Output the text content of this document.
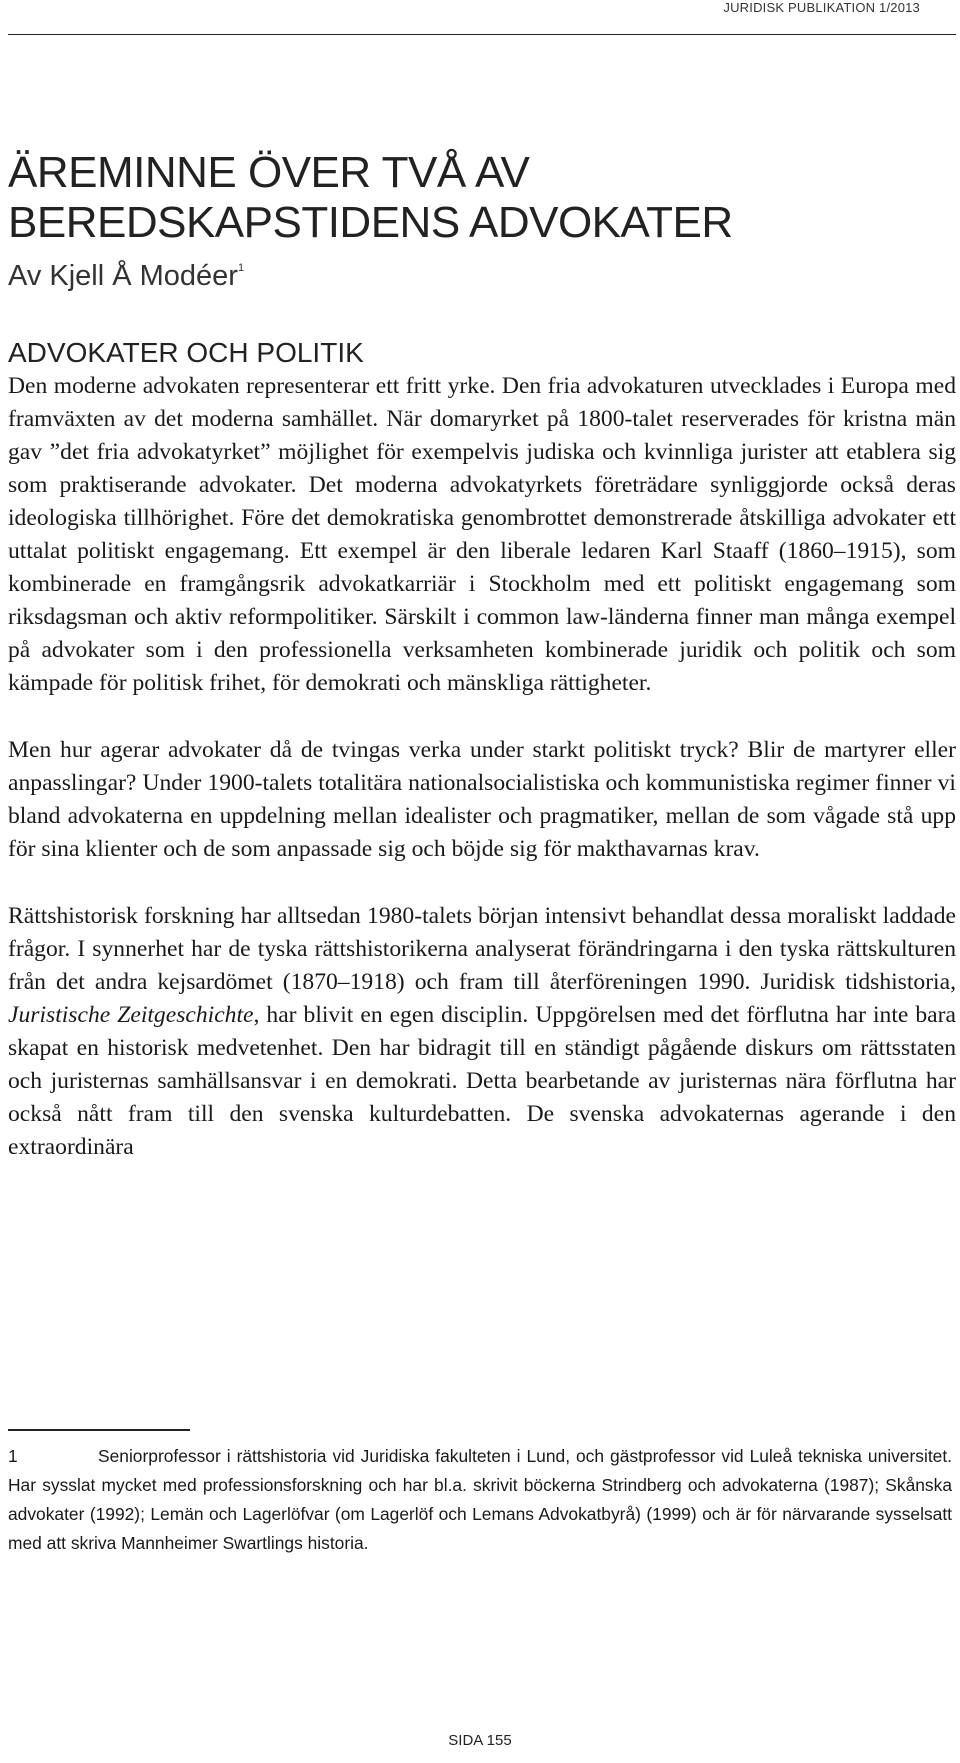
JURIDISK PUBLIKATION 1/2013
ÄREMINNE ÖVER TVÅ AV BEREDSKAPSTIDENS ADVOKATER
Av Kjell Å Modéer$^1$
ADVOKATER OCH POLITIK

Den moderne advokaten representerar ett fritt yrke. Den fria advokaturen utvecklades i Europa med framväxten av det moderna samhället. När domaryrket på 1800-talet reserverades för kristna män gav ”det fria advokatyrket” möjlighet för exempelvis judiska och kvinnliga jurister att etablera sig som praktiserande advokater. Det moderna advokatyrkets företrädare synliggjorde också deras ideologiska tillhörighet. Före det demokratiska genombrottet demonstrerade åtskilliga advokater ett uttalat politiskt engagemang. Ett exempel är den liberale ledaren Karl Staaff (1860–1915), som kombinerade en framgångsrik advokatkarriär i Stockholm med ett politiskt engagemang som riksdagsman och aktiv reformpolitiker. Särskilt i common law-länderna finner man många exempel på advokater som i den professionella verksamheten kombinerade juridik och politik och som kämpade för politisk frihet, för demokrati och mänskliga rättigheter.

Men hur agerar advokater då de tvingas verka under starkt politiskt tryck? Blir de martyrer eller anpasslingar? Under 1900-talets totalitära nationalsocialistiska och kommunistiska regimer finner vi bland advokaterna en uppdelning mellan idealister och pragmatiker, mellan de som vågade stå upp för sina klienter och de som anpassade sig och böjde sig för makthavarnas krav.

Rättshistorisk forskning har alltsedan 1980-talets början intensivt behandlat dessa moraliskt laddade frågor. I synnerhet har de tyska rättshistorikerna analyserat förändringarna i den tyska rättskulturen från det andra kejsardömet (1870–1918) och fram till återföreningen 1990. Juridisk tidshistoria, Juristische Zeitgeschichte, har blivit en egen disciplin. Uppgörelsen med det förflutna har inte bara skapat en historisk medvetenhet. Den har bidragit till en ständigt pågående diskurs om rättsstaten och juristernas samhällsansvar i en demokrati. Detta bearbetande av juristernas nära förflutna har också nått fram till den svenska kulturdebatten. De svenska advokaternas agerande i den extraordinära

1	Seniorprofessor i rättshistoria vid Juridiska fakulteten i Lund, och gästprofessor vid Luleå tekniska universitet. Har sysslat mycket med professionsforskning och har bl.a. skrivit böckerna Strindberg och advokaterna (1987); Skånska advokater (1992); Lemän och Lagerlöfvar (om Lagerlöf och Lemans Advokatbyrå) (1999) och är för närvarande sysselsatt med att skriva Mannheimer Swartlings historia.
SIDA 155
